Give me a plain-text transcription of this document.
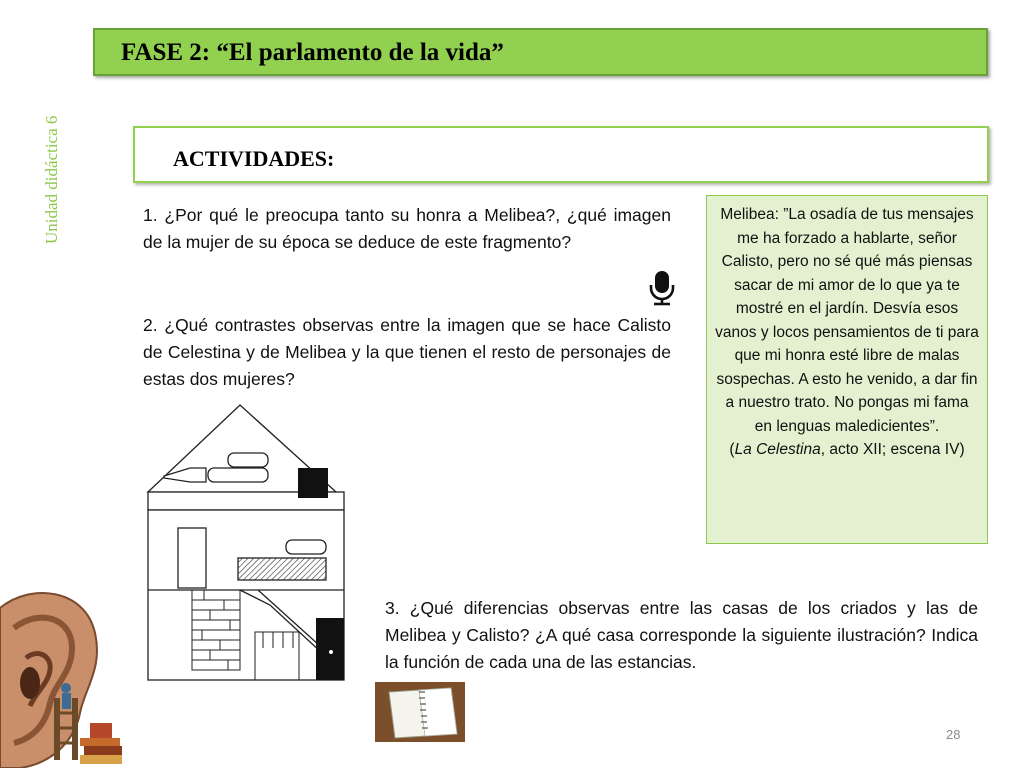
Unidad didáctica 6
FASE 2: “El parlamento de la vida”
ACTIVIDADES:
1. ¿Por qué le preocupa tanto su honra a Melibea?, ¿qué imagen de la mujer de su época se deduce de este fragmento?
2. ¿Qué contrastes observas entre la imagen que se hace Calisto de Celestina y de Melibea y la que tienen el resto de personajes de estas dos mujeres?
Melibea: ”La osadía de tus mensajes me ha forzado a hablarte, señor Calisto, pero no sé qué más piensas sacar de mi amor de lo que ya te mostré en el jardín. Desvía esos vanos y locos pensamientos de ti para que mi honra esté libre de malas sospechas. A esto he venido, a dar fin a nuestro trato. No pongas mi fama en lenguas maledicientes”.
(La Celestina, acto XII; escena IV)
3. ¿Qué diferencias observas entre las casas de los criados y las de Melibea y Calisto? ¿A qué casa corresponde la siguiente ilustración? Indica la función de cada una de las estancias.
28
